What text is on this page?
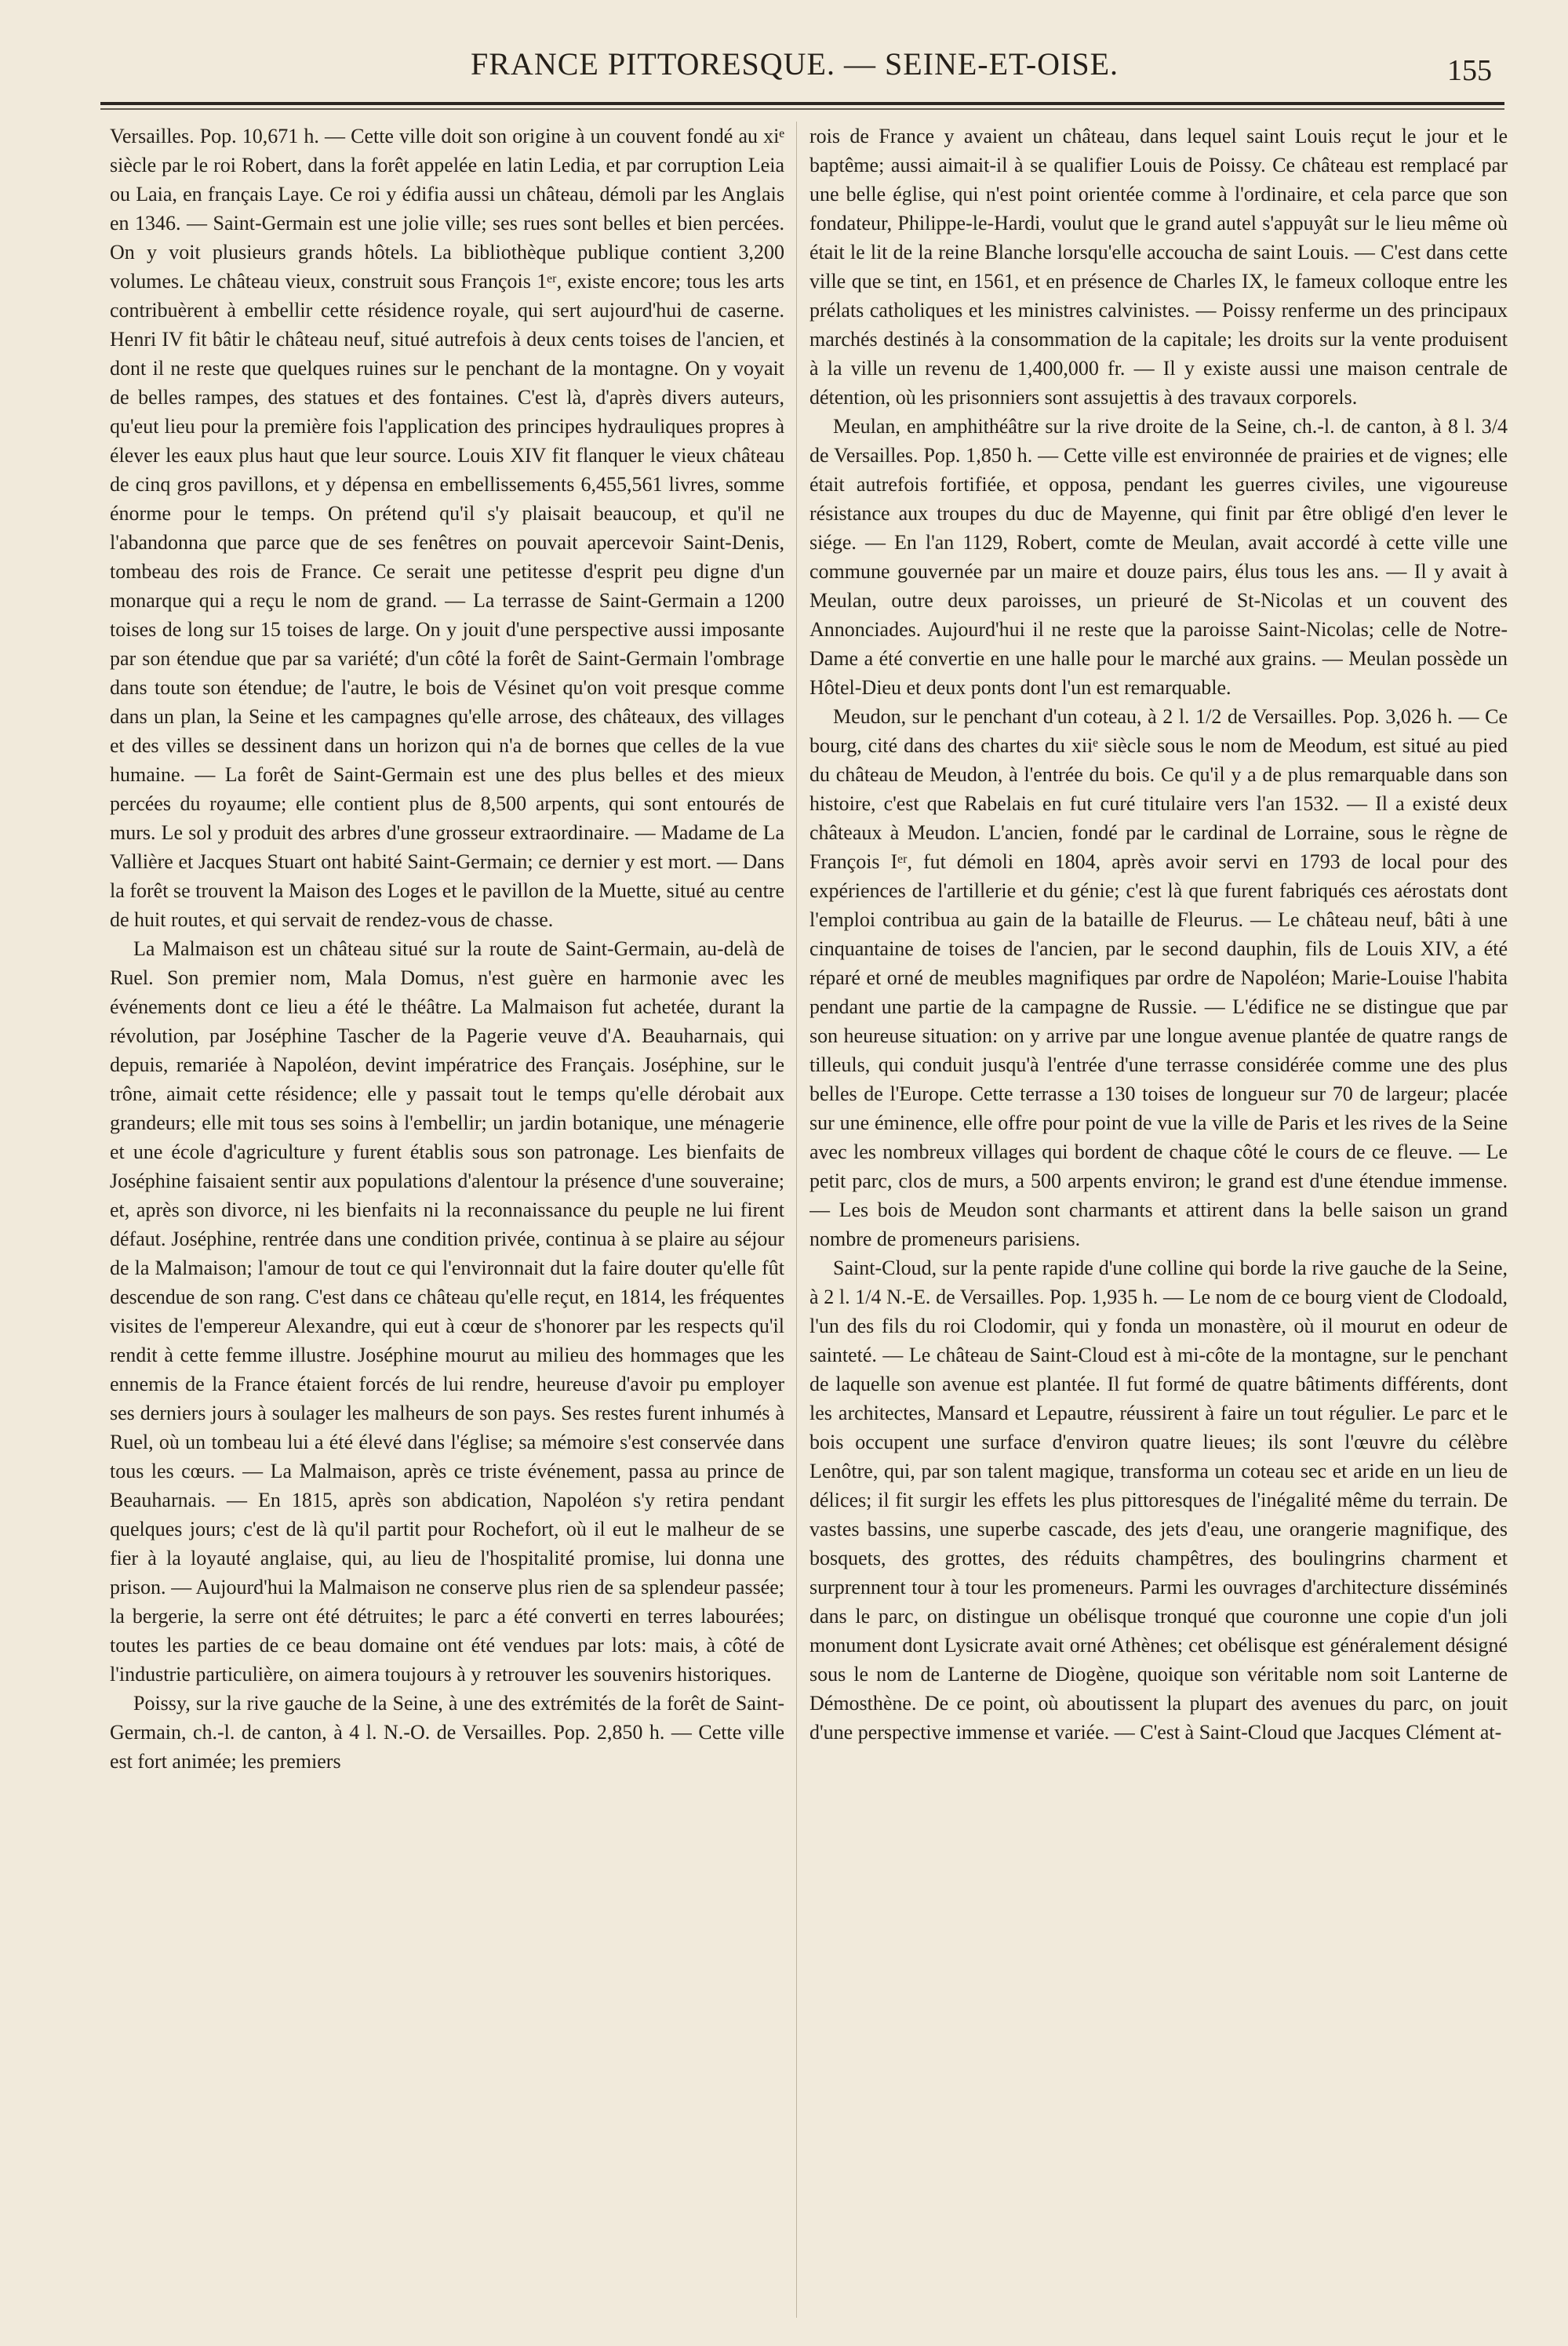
FRANCE PITTORESQUE. — SEINE-ET-OISE.	155

Versailles. Pop. 10,671 h. — Cette ville doit son origine à un couvent fondé au xiᵉ siècle par le roi Robert, dans la forêt appelée en latin Ledia, et par corruption Leia ou Laia, en français Laye. Ce roi y édifia aussi un château, démoli par les Anglais en 1346. — Saint-Germain est une jolie ville; ses rues sont belles et bien percées. On y voit plusieurs grands hôtels. La bibliothèque publique contient 3,200 volumes. Le château vieux, construit sous François 1ᵉʳ, existe encore; tous les arts contribuèrent à embellir cette résidence royale, qui sert aujourd'hui de caserne. Henri IV fit bâtir le château neuf, situé autrefois à deux cents toises de l'ancien, et dont il ne reste que quelques ruines sur le penchant de la montagne. On y voyait de belles rampes, des statues et des fontaines. C'est là, d'après divers auteurs, qu'eut lieu pour la première fois l'application des principes hydrauliques propres à élever les eaux plus haut que leur source. Louis XIV fit flanquer le vieux château de cinq gros pavillons, et y dépensa en embellissements 6,455,561 livres, somme énorme pour le temps. On prétend qu'il s'y plaisait beaucoup, et qu'il ne l'abandonna que parce que de ses fenêtres on pouvait apercevoir Saint-Denis, tombeau des rois de France. Ce serait une petitesse d'esprit peu digne d'un monarque qui a reçu le nom de grand. — La terrasse de Saint-Germain a 1200 toises de long sur 15 toises de large. On y jouit d'une perspective aussi imposante par son étendue que par sa variété; d'un côté la forêt de Saint-Germain l'ombrage dans toute son étendue; de l'autre, le bois de Vésinet qu'on voit presque comme dans un plan, la Seine et les campagnes qu'elle arrose, des châteaux, des villages et des villes se dessinent dans un horizon qui n'a de bornes que celles de la vue humaine. — La forêt de Saint-Germain est une des plus belles et des mieux percées du royaume; elle contient plus de 8,500 arpents, qui sont entourés de murs. Le sol y produit des arbres d'une grosseur extraordinaire. — Madame de La Vallière et Jacques Stuart ont habité Saint-Germain; ce dernier y est mort. — Dans la forêt se trouvent la Maison des Loges et le pavillon de la Muette, situé au centre de huit routes, et qui servait de rendez-vous de chasse.

La Malmaison est un château situé sur la route de Saint-Germain, au-delà de Ruel. Son premier nom, Mala Domus, n'est guère en harmonie avec les événements dont ce lieu a été le théâtre. La Malmaison fut achetée, durant la révolution, par Joséphine Tascher de la Pagerie veuve d'A. Beauharnais, qui depuis, remariée à Napoléon, devint impératrice des Français. Joséphine, sur le trône, aimait cette résidence; elle y passait tout le temps qu'elle dérobait aux grandeurs; elle mit tous ses soins à l'embellir; un jardin botanique, une ménagerie et une école d'agriculture y furent établis sous son patronage. Les bienfaits de Joséphine faisaient sentir aux populations d'alentour la présence d'une souveraine; et, après son divorce, ni les bienfaits ni la reconnaissance du peuple ne lui firent défaut. Joséphine, rentrée dans une condition privée, continua à se plaire au séjour de la Malmaison; l'amour de tout ce qui l'environnait dut la faire douter qu'elle fût descendue de son rang. C'est dans ce château qu'elle reçut, en 1814, les fréquentes visites de l'empereur Alexandre, qui eut à cœur de s'honorer par les respects qu'il rendit à cette femme illustre. Joséphine mourut au milieu des hommages que les ennemis de la France étaient forcés de lui rendre, heureuse d'avoir pu employer ses derniers jours à soulager les malheurs de son pays. Ses restes furent inhumés à Ruel, où un tombeau lui a été élevé dans l'église; sa mémoire s'est conservée dans tous les cœurs. — La Malmaison, après ce triste événement, passa au prince de Beauharnais. — En 1815, après son abdication, Napoléon s'y retira pendant quelques jours; c'est de là qu'il partit pour Rochefort, où il eut le malheur de se fier à la loyauté anglaise, qui, au lieu de l'hospitalité promise, lui donna une prison. — Aujourd'hui la Malmaison ne conserve plus rien de sa splendeur passée; la bergerie, la serre ont été détruites; le parc a été converti en terres labourées; toutes les parties de ce beau domaine ont été vendues par lots: mais, à côté de l'industrie particulière, on aimera toujours à y retrouver les souvenirs historiques.

Poissy, sur la rive gauche de la Seine, à une des extrémités de la forêt de Saint-Germain, ch.-l. de canton, à 4 l. N.-O. de Versailles. Pop. 2,850 h. — Cette ville est fort animée; les premiers

rois de France y avaient un château, dans lequel saint Louis reçut le jour et le baptême; aussi aimait-il à se qualifier Louis de Poissy. Ce château est remplacé par une belle église, qui n'est point orientée comme à l'ordinaire, et cela parce que son fondateur, Philippe-le-Hardi, voulut que le grand autel s'appuyât sur le lieu même où était le lit de la reine Blanche lorsqu'elle accoucha de saint Louis. — C'est dans cette ville que se tint, en 1561, et en présence de Charles IX, le fameux colloque entre les prélats catholiques et les ministres calvinistes. — Poissy renferme un des principaux marchés destinés à la consommation de la capitale; les droits sur la vente produisent à la ville un revenu de 1,400,000 fr. — Il y existe aussi une maison centrale de détention, où les prisonniers sont assujettis à des travaux corporels.

Meulan, en amphithéâtre sur la rive droite de la Seine, ch.-l. de canton, à 8 l. 3/4 de Versailles. Pop. 1,850 h. — Cette ville est environnée de prairies et de vignes; elle était autrefois fortifiée, et opposa, pendant les guerres civiles, une vigoureuse résistance aux troupes du duc de Mayenne, qui finit par être obligé d'en lever le siége. — En l'an 1129, Robert, comte de Meulan, avait accordé à cette ville une commune gouvernée par un maire et douze pairs, élus tous les ans. — Il y avait à Meulan, outre deux paroisses, un prieuré de St-Nicolas et un couvent des Annonciades. Aujourd'hui il ne reste que la paroisse Saint-Nicolas; celle de Notre-Dame a été convertie en une halle pour le marché aux grains. — Meulan possède un Hôtel-Dieu et deux ponts dont l'un est remarquable.

Meudon, sur le penchant d'un coteau, à 2 l. 1/2 de Versailles. Pop. 3,026 h. — Ce bourg, cité dans des chartes du xiiᵉ siècle sous le nom de Meodum, est situé au pied du château de Meudon, à l'entrée du bois. Ce qu'il y a de plus remarquable dans son histoire, c'est que Rabelais en fut curé titulaire vers l'an 1532. — Il a existé deux châteaux à Meudon. L'ancien, fondé par le cardinal de Lorraine, sous le règne de François Iᵉʳ, fut démoli en 1804, après avoir servi en 1793 de local pour des expériences de l'artillerie et du génie; c'est là que furent fabriqués ces aérostats dont l'emploi contribua au gain de la bataille de Fleurus. — Le château neuf, bâti à une cinquantaine de toises de l'ancien, par le second dauphin, fils de Louis XIV, a été réparé et orné de meubles magnifiques par ordre de Napoléon; Marie-Louise l'habita pendant une partie de la campagne de Russie. — L'édifice ne se distingue que par son heureuse situation: on y arrive par une longue avenue plantée de quatre rangs de tilleuls, qui conduit jusqu'à l'entrée d'une terrasse considérée comme une des plus belles de l'Europe. Cette terrasse a 130 toises de longueur sur 70 de largeur; placée sur une éminence, elle offre pour point de vue la ville de Paris et les rives de la Seine avec les nombreux villages qui bordent de chaque côté le cours de ce fleuve. — Le petit parc, clos de murs, a 500 arpents environ; le grand est d'une étendue immense. — Les bois de Meudon sont charmants et attirent dans la belle saison un grand nombre de promeneurs parisiens.

Saint-Cloud, sur la pente rapide d'une colline qui borde la rive gauche de la Seine, à 2 l. 1/4 N.-E. de Versailles. Pop. 1,935 h. — Le nom de ce bourg vient de Clodoald, l'un des fils du roi Clodomir, qui y fonda un monastère, où il mourut en odeur de sainteté. — Le château de Saint-Cloud est à mi-côte de la montagne, sur le penchant de laquelle son avenue est plantée. Il fut formé de quatre bâtiments différents, dont les architectes, Mansard et Lepautre, réussirent à faire un tout régulier. Le parc et le bois occupent une surface d'environ quatre lieues; ils sont l'œuvre du célèbre Lenôtre, qui, par son talent magique, transforma un coteau sec et aride en un lieu de délices; il fit surgir les effets les plus pittoresques de l'inégalité même du terrain. De vastes bassins, une superbe cascade, des jets d'eau, une orangerie magnifique, des bosquets, des grottes, des réduits champêtres, des boulingrins charment et surprennent tour à tour les promeneurs. Parmi les ouvrages d'architecture disséminés dans le parc, on distingue un obélisque tronqué que couronne une copie d'un joli monument dont Lysicrate avait orné Athènes; cet obélisque est généralement désigné sous le nom de Lanterne de Diogène, quoique son véritable nom soit Lanterne de Démosthène. De ce point, où aboutissent la plupart des avenues du parc, on jouit d'une perspective immense et variée. — C'est à Saint-Cloud que Jacques Clément at-
